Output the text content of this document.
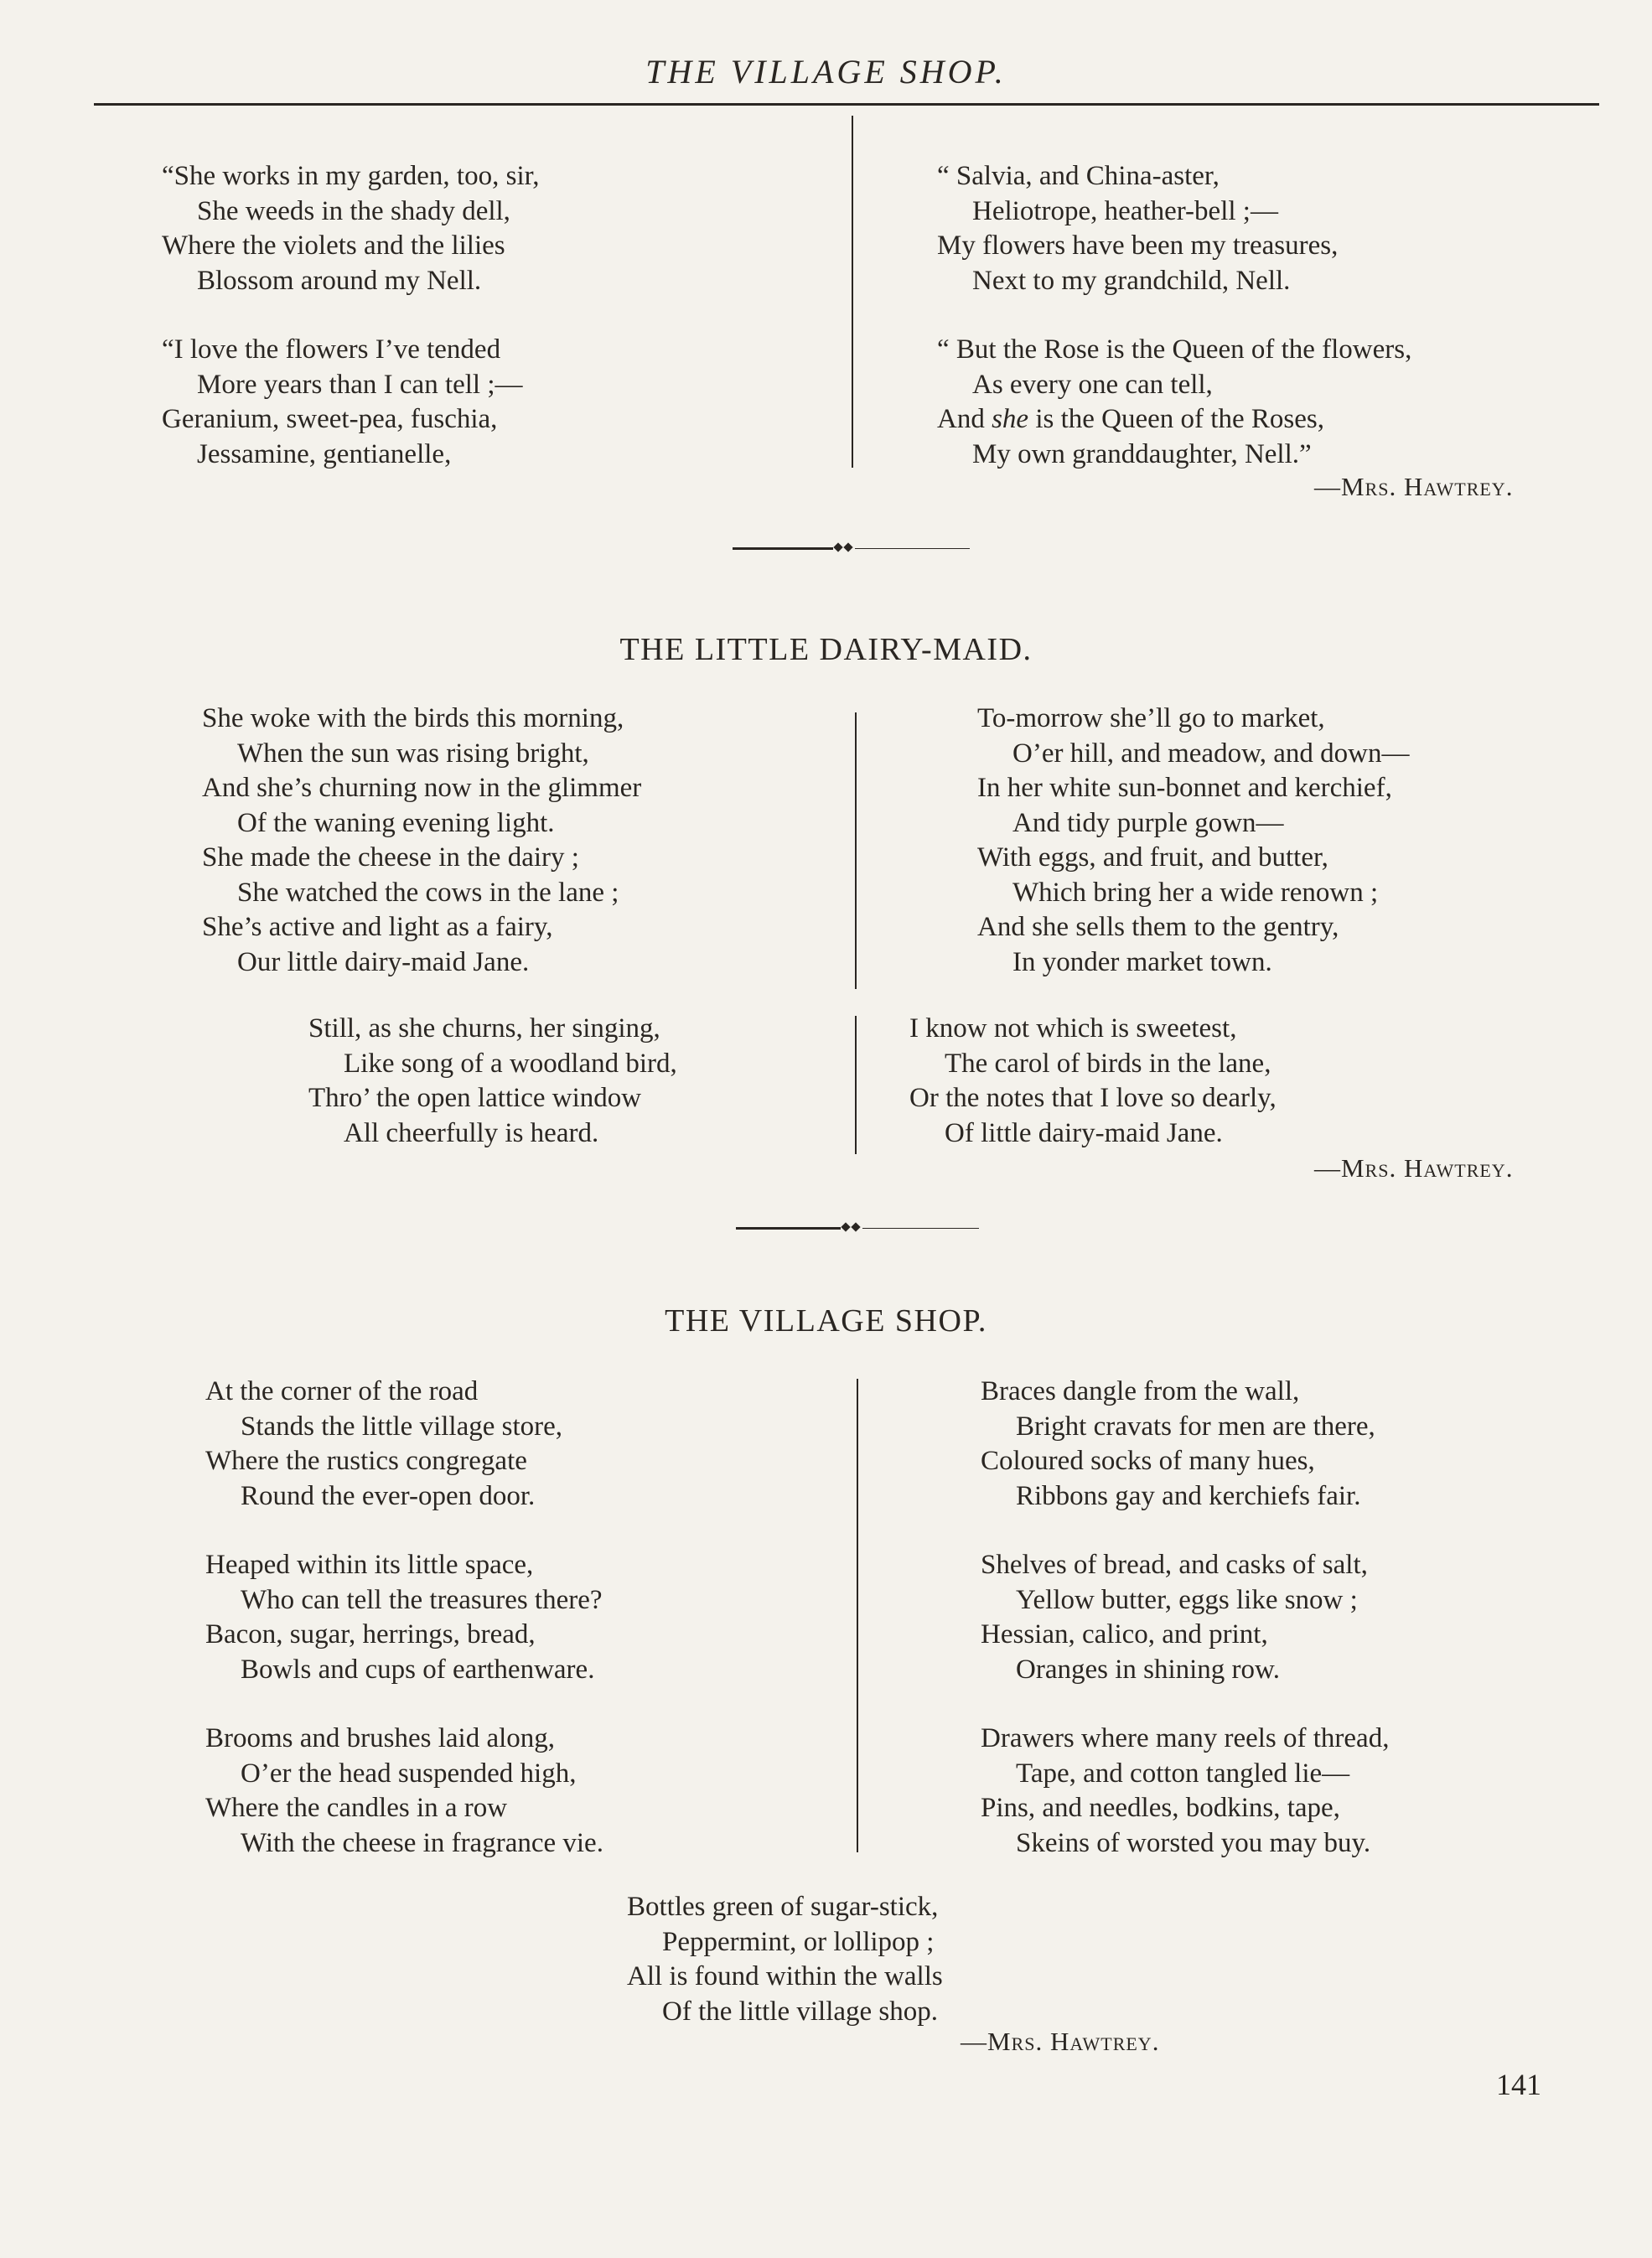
THE VILLAGE SHOP.
“She works in my garden, too, sir,
She weeds in the shady dell,
Where the violets and the lilies
Blossom around my Nell.
“I love the flowers I’ve tended
More years than I can tell ;—
Geranium, sweet-pea, fuschia,
Jessamine, gentianelle,
“ Salvia, and China-aster,
Heliotrope, heather-bell ;—
My flowers have been my treasures,
Next to my grandchild, Nell.
“ But the Rose is the Queen of the flowers,
As every one can tell,
And she is the Queen of the Roses,
My own granddaughter, Nell.”
—Mrs. Hawtrey.
THE LITTLE DAIRY-MAID.
She woke with the birds this morning,
When the sun was rising bright,
And she’s churning now in the glimmer
Of the waning evening light.
She made the cheese in the dairy ;
She watched the cows in the lane ;
She’s active and light as a fairy,
Our little dairy-maid Jane.
To-morrow she’ll go to market,
O’er hill, and meadow, and down—
In her white sun-bonnet and kerchief,
And tidy purple gown—
With eggs, and fruit, and butter,
Which bring her a wide renown ;
And she sells them to the gentry,
In yonder market town.
Still, as she churns, her singing,
Like song of a woodland bird,
Thro’ the open lattice window
All cheerfully is heard.
I know not which is sweetest,
The carol of birds in the lane,
Or the notes that I love so dearly,
Of little dairy-maid Jane.
—Mrs. Hawtrey.
THE VILLAGE SHOP.
At the corner of the road
Stands the little village store,
Where the rustics congregate
Round the ever-open door.
Heaped within its little space,
Who can tell the treasures there?
Bacon, sugar, herrings, bread,
Bowls and cups of earthenware.
Brooms and brushes laid along,
O’er the head suspended high,
Where the candles in a row
With the cheese in fragrance vie.
Braces dangle from the wall,
Bright cravats for men are there,
Coloured socks of many hues,
Ribbons gay and kerchiefs fair.
Shelves of bread, and casks of salt,
Yellow butter, eggs like snow ;
Hessian, calico, and print,
Oranges in shining row.
Drawers where many reels of thread,
Tape, and cotton tangled lie—
Pins, and needles, bodkins, tape,
Skeins of worsted you may buy.
Bottles green of sugar-stick,
Peppermint, or lollipop ;
All is found within the walls
Of the little village shop.
—Mrs. Hawtrey.
141
